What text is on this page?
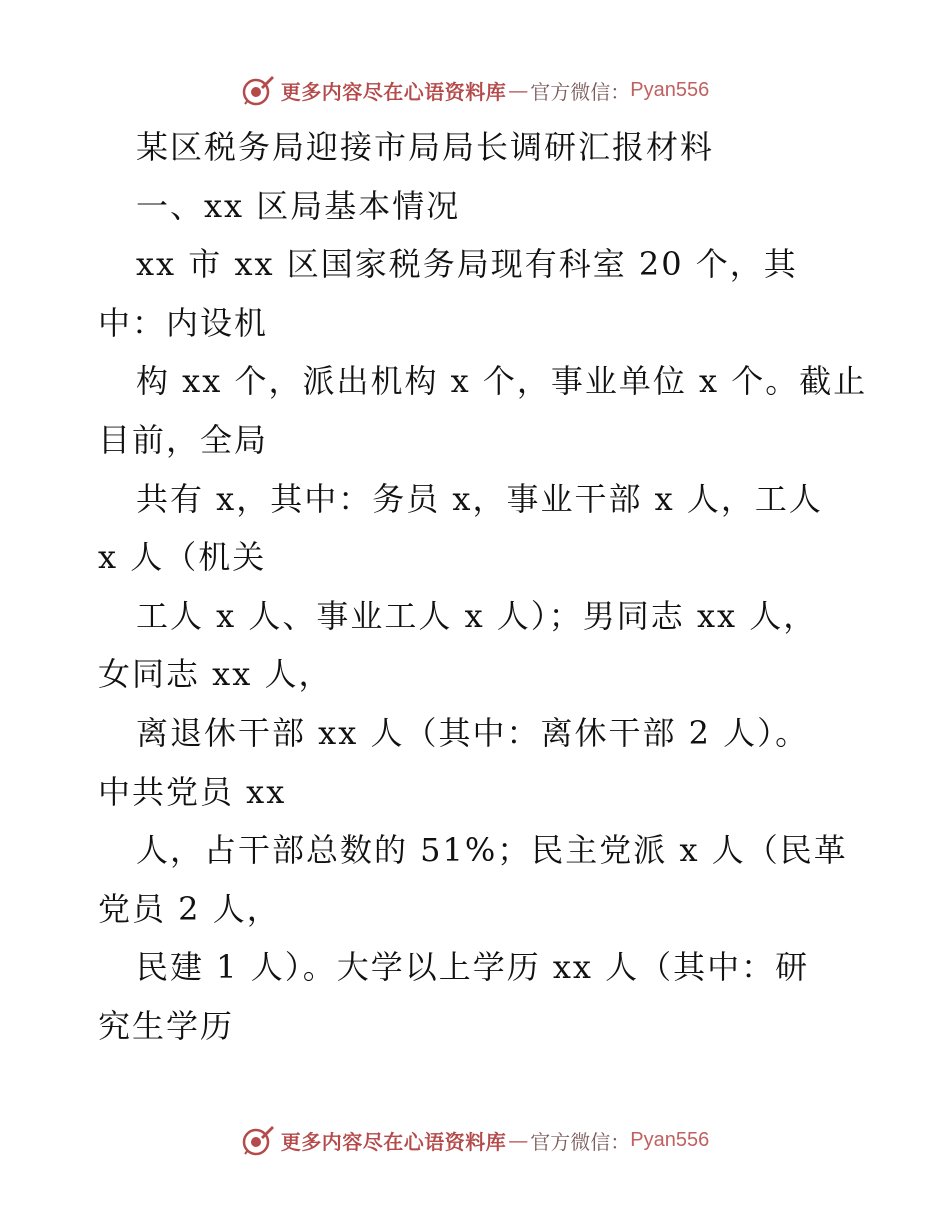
更多内容尽在心语资料库 — 官方微信： Pyan556
某区税务局迎接市局局长调研汇报材料
一、xx 区局基本情况
xx 市 xx 区国家税务局现有科室 20 个，其
中：内设机
构 xx 个，派出机构 x 个，事业单位 x 个。截止
目前，全局
共有 x，其中：务员 x，事业干部 x 人，工人
x 人（机关
工人 x 人、事业工人 x 人）；男同志 xx 人，
女同志 xx 人，
离退休干部 xx 人（其中：离休干部 2 人）。
中共党员 xx
人，占干部总数的 51%；民主党派 x 人（民革
党员 2 人，
民建 1 人）。大学以上学历 xx 人（其中：研
究生学历
更多内容尽在心语资料库 — 官方微信： Pyan556
